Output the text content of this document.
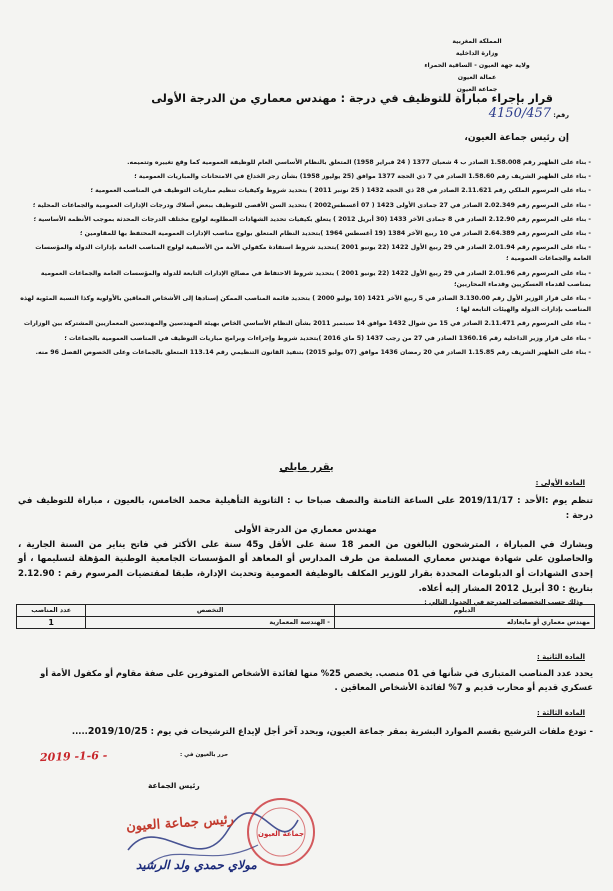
المملكة المغربية
وزارة الداخلية
ولاية جهة العيون - الساقية الحمراء
عمالة العيون
جماعة العيون
رقم: 4150/457
قرار بإجراء مباراة للتوظيف في درجة : مهندس معماري من الدرجة الأولى
إن رئيس جماعة العيون،

- بناء على الظهير رقم 1.58.008 الصادر ب 4 شعبان 1377 ( 24 فبراير 1958) المتعلق بالنظام الأساسي العام للوظيفة العمومية كما وقع تغييره وتتميمه.

- بناء على الظهير الشريف رقم 1.58.60 الصادر في 7 ذي الحجة 1377 موافق (25 يوليوز 1958) بشأن زجر الخداع في الامتحانات والمباريات العمومية ؛

- بناء على المرسوم الملكي رقم 2.11.621 الصادر في 28 ذي الحجة 1432 ( 25 نونبر 2011 ) بتحديد شروط وكيفيات تنظيم مباريات التوظيف في المناصب العمومية ؛

- بناء على المرسوم رقم 2.02.349 الصادر في 27 جمادى الأولى 1423 ( 07 أغسطس2002 ) بتحديد السن الأقصى للتوظيف ببعض أسلاك ودرجات الإدارات العمومية والجماعات المحلية ؛

- بناء على المرسوم رقم 2.12.90 الصادر في 8 جمادى الآخر 1433 (30 أبريل 2012 ) يتعلق بكيفيات تحديد الشهادات المطلوبة لولوج مختلف الدرجات المحدثة بموجب الأنظمة الأساسية ؛

- بناء على المرسوم رقم 2.64.389 الصادر في 10 ربيع الآخر 1384 (19 أغسطس 1964 )بتحديد النظام المتعلق بولوج مناصب الإدارات العمومية المحتفظ بها للمقاومين ؛

- بناء على المرسوم رقم 2.01.94 الصادر في 29 ربيع الأول 1422 (22 يونيو 2001 )بتحديد شروط استفادة مكفولي الأمة من الأسبقية لولوج المناصب العامة بإدارات الدولة والمؤسسات العامة والجماعات العمومية ؛

- بناء على المرسوم رقم 2.01.96 الصادر في 29 ربيع الأول 1422 (22 يونيو 2001 ) بتحديد شروط الاحتفاظ في مصالح الإدارات التابعة للدولة والمؤسسات العامة والجماعات العمومية بمناصب لقدماء العسكريين وقدماء المحاربين؛

- بناء على قرار الوزير الأول رقم 3.130.00 الصادر في 5 ربيع الآخر 1421 (10 يوليو 2000 ) بتحديد قائمة المناصب الممكن إسنادها إلى الأشخاص المعاقين بالأولوية وكذا النسبة المئوية لهذه المناصب بإدارات الدولة والهيئات التابعة لها ؛

- بناء على المرسوم رقم 2.11.471 الصادر في 15 من شوال 1432 موافق 14 سبتمبر 2011 بشأن النظام الأساسي الخاص بهيئة المهندسين والمهندسين المعماريين المشتركة بين الوزارات

- بناء على قرار وزير الداخلية رقم 1360.16 الصادر في 27 من رجب 1437 (5 ماي 2016 )بتحديد شروط وإجراءات وبرامج مباريات التوظيف في المناصب العمومية بالجماعات ؛

- بناء على الظهير الشريف رقم 1.15.85 الصادر في 20 رمضان 1436 موافق (07 يوليو 2015) بتنفيذ القانون التنظيمي رقم 113.14 المتعلق بالجماعات وعلى الخصوص الفصل 96 منه.

يقرر مايلي
المادة الأولى :

تنظم يوم :الأحد : 2019/11/17 على الساعة الثامنة والنصف صباحا ب : الثانوية التأهيلية محمد الخامس، بالعيون ، مباراة للتوظيف في درجة :

مهندس معماري من الدرجة الأولى

ويشارك في المباراة ، المترشحون البالغون من العمر 18 سنة على الأقل و45 سنة على الأكثر في فاتح يناير من السنة الجارية ، والحاصلون على شهادة مهندس معماري المسلمة من طرف المدارس أو المعاهد أو المؤسسات الجامعية الوطنية المؤهلة لتسليمها ، أو إحدى الشهادات أو الدبلومات المحددة بقرار للوزير المكلف بالوظيفة العمومية وتحديث الإدارة، طبقا لمقتضيات المرسوم رقم : 2.12.90 بتاريخ : 30 أبريل 2012 المشار إليه أعلاه.

وذلك حسب التخصصات المدرجة في الجدول التالي :
الدبلوم	التخصص	عدد المناصب
مهندس معماري أو مايعادله	- الهندسة المعمارية	1
المادة الثانية :

يحدد عدد المناصب المتبارى في شأنها في 01 منصب. يخصص 25% منها لفائدة الأشخاص المتوفرين على صفة مقاوم أو مكفول الأمة أو عسكري قديم أو محارب قديم و 7% لفائدة الأشخاص المعاقين .

المادة الثالثة :

- تودع ملفات الترشيح بقسم الموارد البشرية بمقر جماعة العيون، ويحدد آخر أجل لإيداع الترشيحات في يوم : 2019/10/25.....

حرر بالعيون في :
2019 -1-6 -
رئيس الجماعة
رئيس جماعة العيون	جماعة العيون
مولاي حمدي ولد الرشيد
